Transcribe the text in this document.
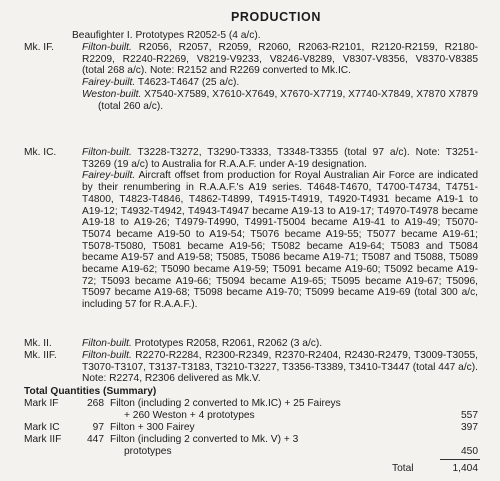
PRODUCTION

Beaufighter I. Prototypes R2052-5 (4 a/c).

Mk. IF.	Filton-built. R2056, R2057, R2059, R2060, R2063-R2101, R2120-R2159, R2180-R2209, R2240-R2269, V8219-V9233, V8246-V8289, V8307-V8356, V8370-V8385 (total 268 a/c). Note: R2152 and R2269 converted to Mk.IC.

Fairey-built. T4623-T4647 (25 a/c).

Weston-built. X7540-X7589, X7610-X7649, X7670-X7719, X7740-X7849, X7870 X7879 (total 260 a/c).

Mk. IC.	Filton-built. T3228-T3272, T3290-T3333, T3348-T3355 (total 97 a/c). Note: T3251-T3269 (19 a/c) to Australia for R.A.A.F. under A-19 designation.

Fairey-built. Aircraft offset from production for Royal Australian Air Force are indicated by their renumbering in R.A.A.F.'s A19 series. T4648-T4670, T4700-T4734, T4751-T4800, T4823-T4846, T4862-T4899, T4915-T4919, T4920-T4931 became A19-1 to A19-12; T4932-T4942, T4943-T4947 became A19-13 to A19-17; T4970-T4978 became A19-18 to A19-26; T4979-T4990, T4991-T5004 became A19-41 to A19-49; T5070-T5074 became A19-50 to A19-54; T5076 became A19-55; T5077 became A19-61; T5078-T5080, T5081 became A19-56; T5082 became A19-64; T5083 and T5084 became A19-57 and A19-58; T5085, T5086 became A19-71; T5087 and T5088, T5089 became A19-62; T5090 became A19-59; T5091 became A19-60; T5092 became A19-72; T5093 became A19-66; T5094 became A19-65; T5095 became A19-67; T5096, T5097 became A19-68; T5098 became A19-70; T5099 became A19-69 (total 300 a/c, including 57 for R.A.A.F.).

Mk. II.	Filton-built. Prototypes R2058, R2061, R2062 (3 a/c).

Mk. IIF. Filton-built. R2270-R2284, R2300-R2349, R2370-R2404, R2430-R2479, T3009-T3055, T3070-T3107, T3137-T3183, T3210-T3227, T3356-T3389, T3410-T3447 (total 447 a/c). Note: R2274, R2306 delivered as Mk.V.

Total Quantities (Summary)
Mark IF	268 Filton (including 2 converted to Mk.IC) + 25 Faireys
+ 260 Weston + 4 prototypes	557
Mark IC	97 Filton + 300 Fairey	397
Mark IIF	447 Filton (including 2 converted to Mk. V) + 3
prototypes	450
Total	1,404
